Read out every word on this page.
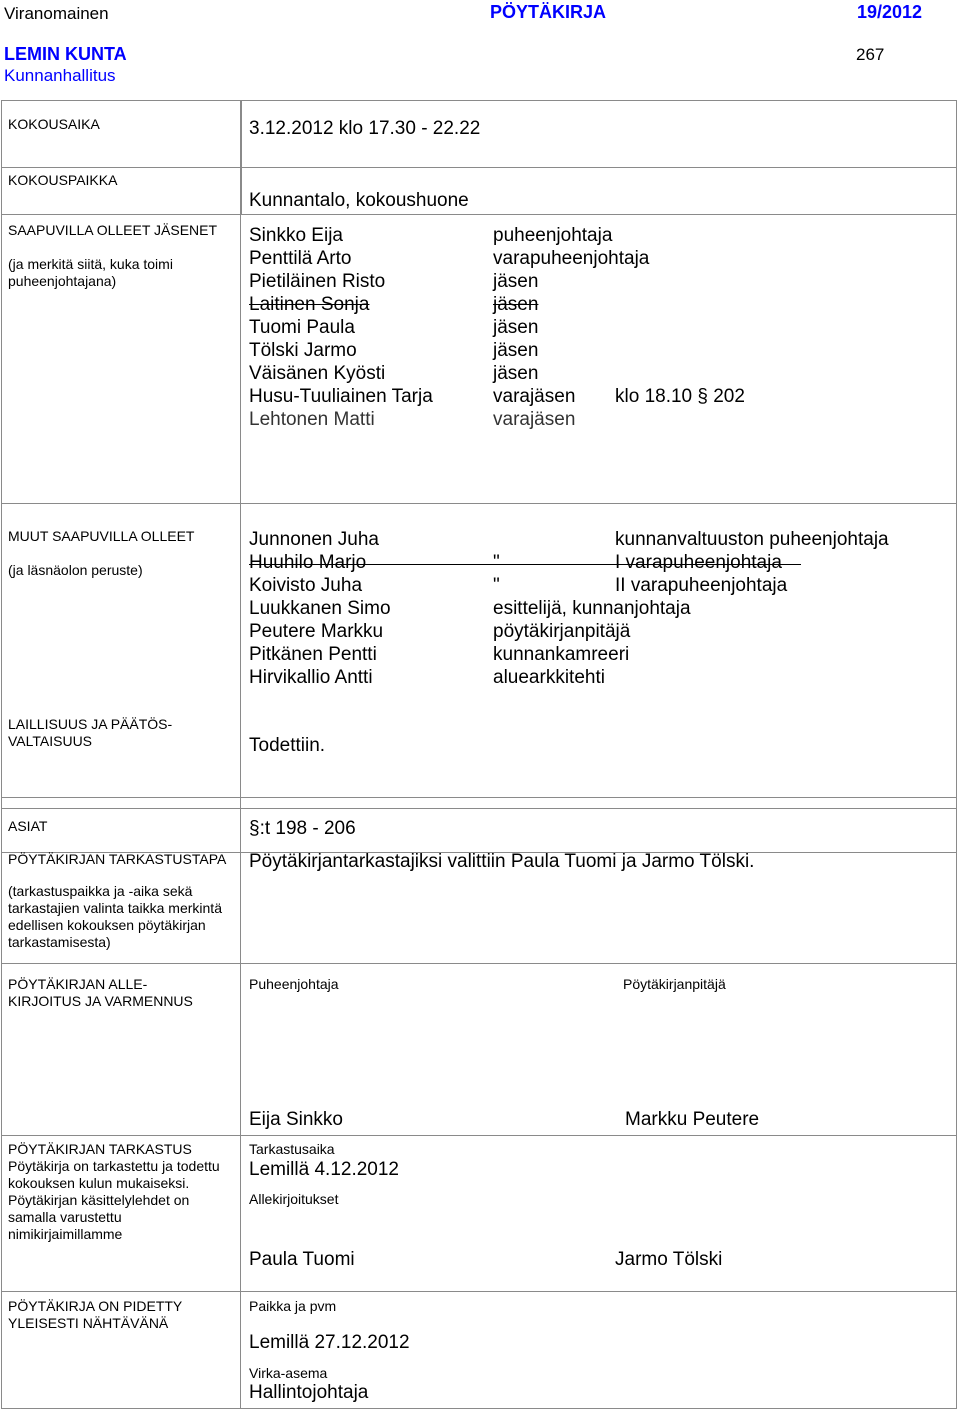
Viranomainen	PÖYTÄKIRJA	19/2012
LEMIN KUNTA	267
Kunnanhallitus
KOKOUSAIKA	3.12.2012 klo 17.30 - 22.22
KOKOUSPAIKKA
Kunnantalo, kokoushuone
SAAPUVILLA OLLEET JÄSENET
(ja merkitä siitä, kuka toimi puheenjohtajana)
Sinkko Eija	puheenjohtaja
Penttilä Arto	varapuheenjohtaja
Pietiläinen Risto	jäsen
Laitinen Sonja	jäsen
Tuomi Paula	jäsen
Tölski Jarmo	jäsen
Väisänen Kyösti	jäsen
Husu-Tuuliainen Tarja	varajäsen klo 18.10 § 202
Lehtonen Matti	varajäsen
MUUT SAAPUVILLA OLLEET
(ja läsnäolon peruste)
Junnonen Juha	kunnanvaltuuston puheenjohtaja
Huuhilo Marjo	"	I varapuheenjohtaja
Koivisto Juha	"	II varapuheenjohtaja
Luukkanen Simo	esittelijä, kunnanjohtaja
Peutere Markku	pöytäkirjanpitäjä
Pitkänen Pentti	kunnankamreeri
Hirvikallio Antti	aluearkkitehti
LAILLISUUS JA PÄÄTÖS-VALTAISUUS	Todettiin.
ASIAT	§:t 198 - 206
PÖYTÄKIRJAN TARKASTUSTAPA
(tarkastuspaikka ja -aika sekä tarkastajien valinta taikka merkintä edellisen kokouksen pöytäkirjan tarkastamisesta)
Pöytäkirjantarkastajiksi valittiin Paula Tuomi ja Jarmo Tölski.
PÖYTÄKIRJAN ALLE-KIRJOITUS JA VARMENNUS
Puheenjohtaja	Pöytäkirjanpitäjä
Eija Sinkko	Markku Peutere
PÖYTÄKIRJAN TARKASTUS
Pöytäkirja on tarkastettu ja todettu kokouksen kulun mukaiseksi. Pöytäkirjan käsittelylehdet on samalla varustettu nimikirjaimillamme
Tarkastusaika
Lemillä 4.12.2012
Allekirjoitukset
Paula Tuomi	Jarmo Tölski
PÖYTÄKIRJA ON PIDETTY YLEISESTI NÄHTÄVÄNÄ
Paikka ja pvm
Lemillä 27.12.2012
Virka-asema
Hallintojohtaja
